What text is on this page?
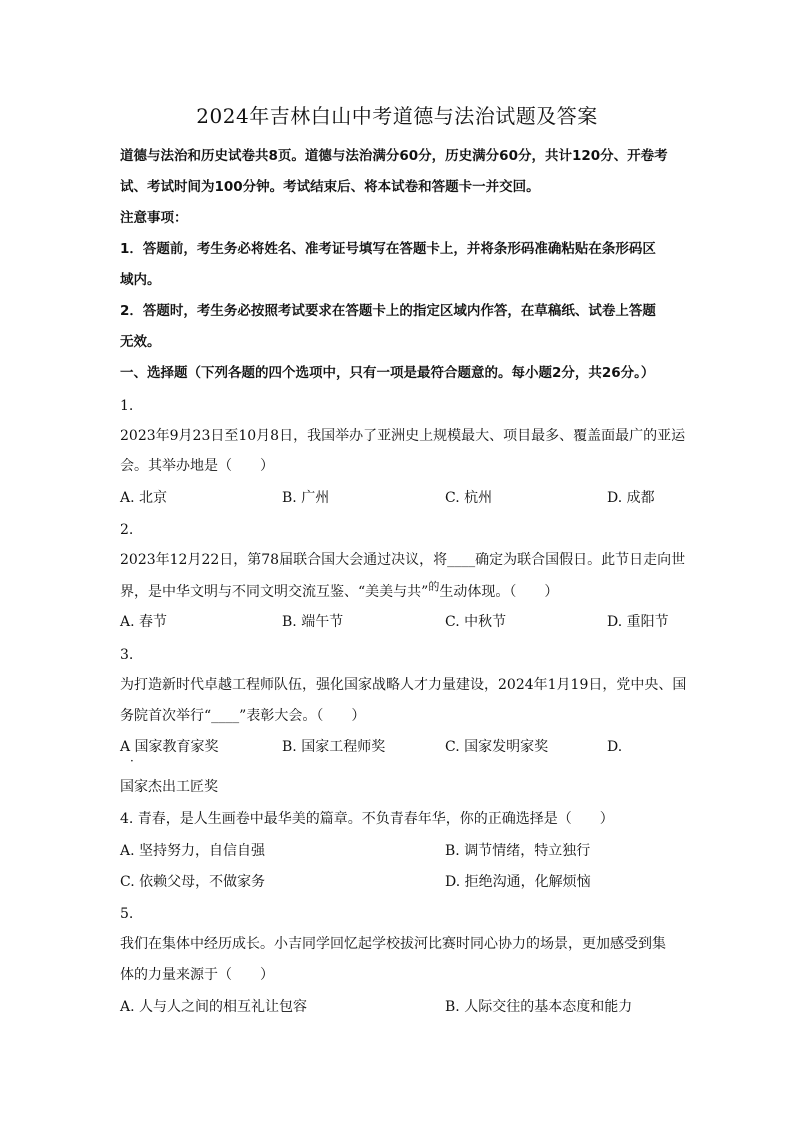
2024年吉林白山中考道德与法治试题及答案
道德与法治和历史试卷共8页。道德与法治满分60分，历史满分60分，共计120分、开卷考
试、考试时间为100分钟。考试结束后、将本试卷和答题卡一并交回。
注意事项：
1．答题前，考生务必将姓名、准考证号填写在答题卡上，并将条形码准确粘贴在条形码区
域内。
2．答题时，考生务必按照考试要求在答题卡上的指定区域内作答，在草稿纸、试卷上答题
无效。
一、选择题（下列各题的四个选项中，只有一项是最符合题意的。每小题2分，共26分。）
1.
2023年9月23日至10月8日，我国举办了亚洲史上规模最大、项目最多、覆盖面最广的亚运
会。其举办地是（　　）
A. 北京	B. 广州	C. 杭州	D. 成都
2.
2023年12月22日，第78届联合国大会通过决议，将____确定为联合国假日。此节日走向世
界，是中华文明与不同文明交流互鉴、“美美与共”$^的$生动体现。（　　）
A. 春节	B. 端午节	C. 中秋节	D. 重阳节
3.
为打造新时代卓越工程师队伍，强化国家战略人才力量建设，2024年1月19日，党中央、国
务院首次举行“____”表彰大会。（　　）
A 国家教育家奖
·
B. 国家工程师奖	C. 国家发明家奖	D.
国家杰出工匠奖
4. 青春，是人生画卷中最华美的篇章。不负青春年华，你的正确选择是（　　）
A. 坚持努力，自信自强	B. 调节情绪，特立独行
C. 依赖父母，不做家务	D. 拒绝沟通，化解烦恼
5.
我们在集体中经历成长。小吉同学回忆起学校拔河比赛时同心协力的场景，更加感受到集
体的力量来源于（　　）
A. 人与人之间的相互礼让包容	B. 人际交往的基本态度和能力
